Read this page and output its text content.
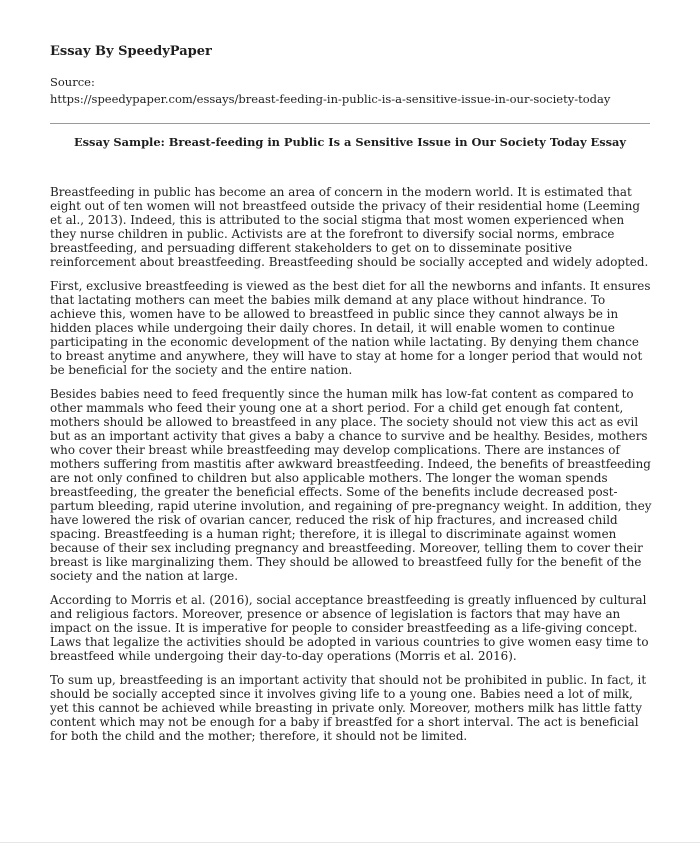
Essay By SpeedyPaper
Source:
https://speedypaper.com/essays/breast-feeding-in-public-is-a-sensitive-issue-in-our-society-today
Essay Sample: Breast-feeding in Public Is a Sensitive Issue in Our Society Today Essay

Breastfeeding in public has become an area of concern in the modern world. It is estimated that eight out of ten women will not breastfeed outside the privacy of their residential home (Leeming et al., 2013). Indeed, this is attributed to the social stigma that most women experienced when they nurse children in public. Activists are at the forefront to diversify social norms, embrace breastfeeding, and persuading different stakeholders to get on to disseminate positive reinforcement about breastfeeding. Breastfeeding should be socially accepted and widely adopted.

First, exclusive breastfeeding is viewed as the best diet for all the newborns and infants. It ensures that lactating mothers can meet the babies milk demand at any place without hindrance. To achieve this, women have to be allowed to breastfeed in public since they cannot always be in hidden places while undergoing their daily chores. In detail, it will enable women to continue participating in the economic development of the nation while lactating. By denying them chance to breast anytime and anywhere, they will have to stay at home for a longer period that would not be beneficial for the society and the entire nation.

Besides babies need to feed frequently since the human milk has low-fat content as compared to other mammals who feed their young one at a short period. For a child get enough fat content, mothers should be allowed to breastfeed in any place. The society should not view this act as evil but as an important activity that gives a baby a chance to survive and be healthy. Besides, mothers who cover their breast while breastfeeding may develop complications. There are instances of mothers suffering from mastitis after awkward breastfeeding. Indeed, the benefits of breastfeeding are not only confined to children but also applicable mothers. The longer the woman spends breastfeeding, the greater the beneficial effects. Some of the benefits include decreased post-partum bleeding, rapid uterine involution, and regaining of pre-pregnancy weight. In addition, they have lowered the risk of ovarian cancer, reduced the risk of hip fractures, and increased child spacing. Breastfeeding is a human right; therefore, it is illegal to discriminate against women because of their sex including pregnancy and breastfeeding. Moreover, telling them to cover their breast is like marginalizing them. They should be allowed to breastfeed fully for the benefit of the society and the nation at large.

According to Morris et al. (2016), social acceptance breastfeeding is greatly influenced by cultural and religious factors. Moreover, presence or absence of legislation is factors that may have an impact on the issue. It is imperative for people to consider breastfeeding as a life-giving concept. Laws that legalize the activities should be adopted in various countries to give women easy time to breastfeed while undergoing their day-to-day operations (Morris et al. 2016).

To sum up, breastfeeding is an important activity that should not be prohibited in public. In fact, it should be socially accepted since it involves giving life to a young one. Babies need a lot of milk, yet this cannot be achieved while breasting in private only. Moreover, mothers milk has little fatty content which may not be enough for a baby if breastfed for a short interval. The act is beneficial for both the child and the mother; therefore, it should not be limited.
